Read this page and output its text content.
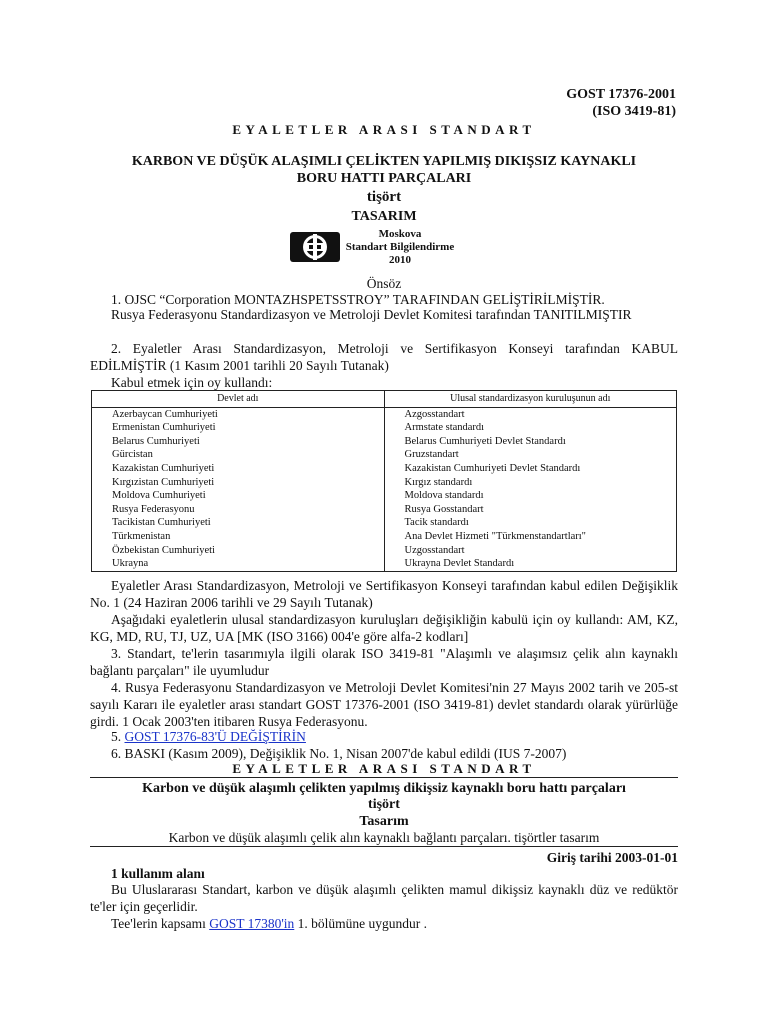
GOST 17376-2001
(ISO 3419-81)
EYALETLER ARASI STANDART
KARBON VE DÜŞÜK ALAŞIMLI ÇELİKTEN YAPILMIŞ DIKIŞSIZ KAYNAKLI BORU HATTI PARÇALARI
tişört
TASARIM
Moskova
Standart Bilgilendirme
2010
Önsöz
1. OJSC “Corporation MONTAZHSPETSSTROY” TARAFINDAN GELİŞTİRİLMİŞTİR.
Rusya Federasyonu Standardizasyon ve Metroloji Devlet Komitesi tarafından TANITILMIŞTIR
2. Eyaletler Arası Standardizasyon, Metroloji ve Sertifikasyon Konseyi tarafından KABUL EDİLMİŞTİR (1 Kasım 2001 tarihli 20 Sayılı Tutanak)
Kabul etmek için oy kullandı:
Devlet adı	Ulusal standardizasyon kuruluşunun adı
Azerbaycan Cumhuriyeti	Azgosstandart
Ermenistan Cumhuriyeti	Armstate standardı
Belarus Cumhuriyeti	Belarus Cumhuriyeti Devlet Standardı
Gürcistan	Gruzstandart
Kazakistan Cumhuriyeti	Kazakistan Cumhuriyeti Devlet Standardı
Kırgızistan Cumhuriyeti	Kırgız standardı
Moldova Cumhuriyeti	Moldova standardı
Rusya Federasyonu	Rusya Gosstandart
Tacikistan Cumhuriyeti	Tacik standardı
Türkmenistan	Ana Devlet Hizmeti "Türkmenstandartları"
Özbekistan Cumhuriyeti	Uzgosstandart
Ukrayna	Ukrayna Devlet Standardı
Eyaletler Arası Standardizasyon, Metroloji ve Sertifikasyon Konseyi tarafından kabul edilen Değişiklik No. 1 (24 Haziran 2006 tarihli ve 29 Sayılı Tutanak)
Aşağıdaki eyaletlerin ulusal standardizasyon kuruluşları değişikliğin kabulü için oy kullandı: AM, KZ, KG, MD, RU, TJ, UZ, UA [MK (ISO 3166) 004'e göre alfa-2 kodları]
3. Standart, te'lerin tasarımıyla ilgili olarak ISO 3419-81 "Alaşımlı ve alaşımsız çelik alın kaynaklı bağlantı parçaları" ile uyumludur
4. Rusya Federasyonu Standardizasyon ve Metroloji Devlet Komitesi'nin 27 Mayıs 2002 tarih ve 205-st sayılı Kararı ile eyaletler arası standart GOST 17376-2001 (ISO 3419-81) devlet standardı olarak yürürlüğe girdi. 1 Ocak 2003'ten itibaren Rusya Federasyonu.
5. GOST 17376-83'Ü DEĞİŞTİRİN
6. BASKI (Kasım 2009), Değişiklik No. 1, Nisan 2007'de kabul edildi (IUS 7-2007)
EYALETLER ARASI STANDART
Karbon ve düşük alaşımlı çelikten yapılmış dikişsiz kaynaklı boru hattı parçaları
tişört
Tasarım
Karbon ve düşük alaşımlı çelik alın kaynaklı bağlantı parçaları. tişörtler tasarım
Giriş tarihi 2003-01-01
1 kullanım alanı
Bu Uluslararası Standart, karbon ve düşük alaşımlı çelikten mamul dikişsiz kaynaklı düz ve redüktör te'ler için geçerlidir.
Tee'lerin kapsamı GOST 17380'in 1. bölümüne uygundur .
